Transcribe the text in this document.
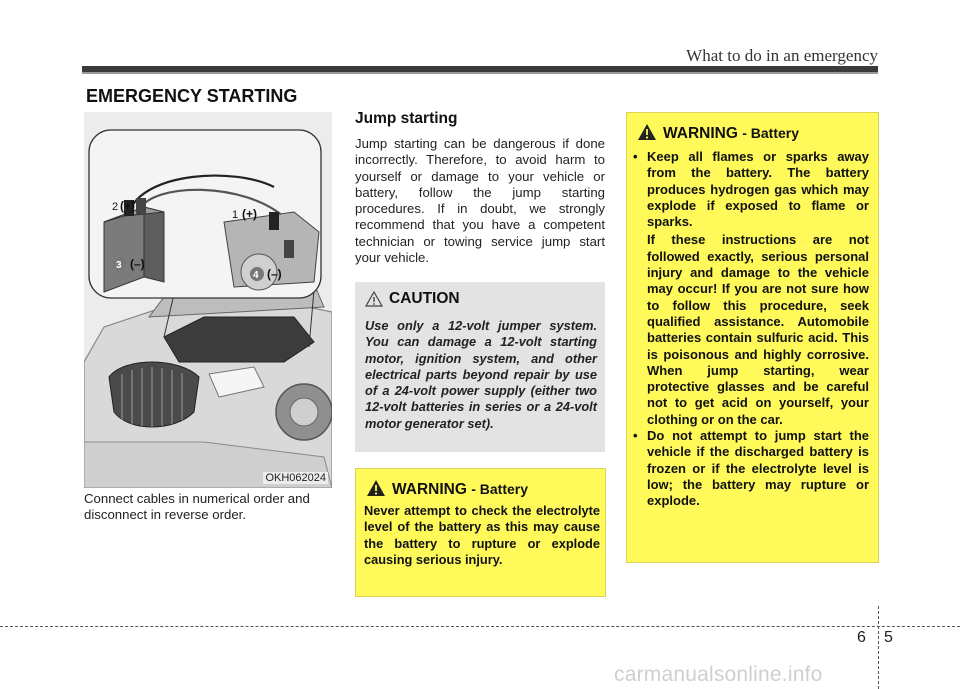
What to do in an emergency
EMERGENCY STARTING
2 (+)
1 (+)
3 (–)
4 (–)
OKH062024
Connect cables in numerical order and disconnect in reverse order.
Jump starting
Jump starting can be dangerous if done incorrectly. Therefore, to avoid harm to yourself or damage to your vehicle or battery, follow the jump starting procedures. If in doubt, we strongly recommend that you have a competent technician or towing service jump start your vehicle.
CAUTION
Use only a 12-volt jumper system. You can damage a 12-volt starting motor, ignition system, and other electrical parts beyond repair by use of a 24-volt power supply (either two 12-volt batteries in series or a 24-volt motor generator set).
WARNING - Battery
Never attempt to check the electrolyte level of the battery as this may cause the battery to rupture or explode causing serious injury.
WARNING - Battery
• Keep all flames or sparks away from the battery. The battery produces hydrogen gas which may explode if exposed to flame or sparks.
If these instructions are not followed exactly, serious personal injury and damage to the vehicle may occur! If you are not sure how to follow this procedure, seek qualified assistance. Automobile batteries contain sulfuric acid. This is poisonous and highly corrosive. When jump starting, wear protective glasses and be careful not to get acid on yourself, your clothing or on the car.
• Do not attempt to jump start the vehicle if the discharged battery is frozen or if the electrolyte level is low; the battery may rupture or explode.
6 5
carmanualsonline.info
